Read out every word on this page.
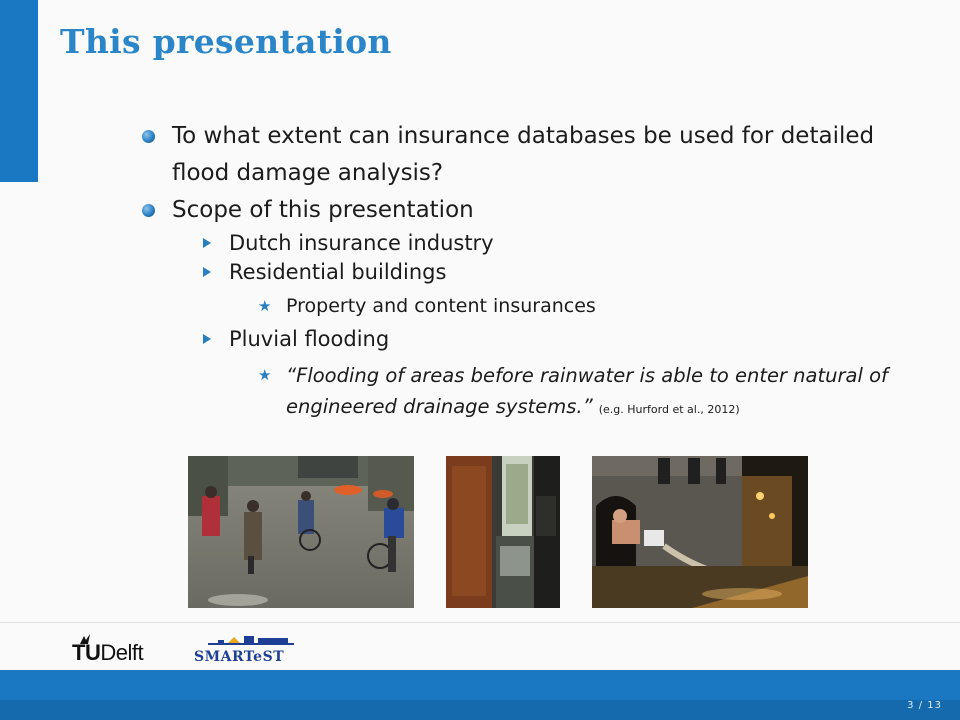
This presentation
To what extent can insurance databases be used for detailed flood damage analysis?
Scope of this presentation
Dutch insurance industry
Residential buildings
★ Property and content insurances
Pluvial flooding
★ “Flooding of areas before rainwater is able to enter natural of engineered drainage systems.” (e.g. Hurford et al., 2012)
TUDelft	SMARTeST
3 / 13
